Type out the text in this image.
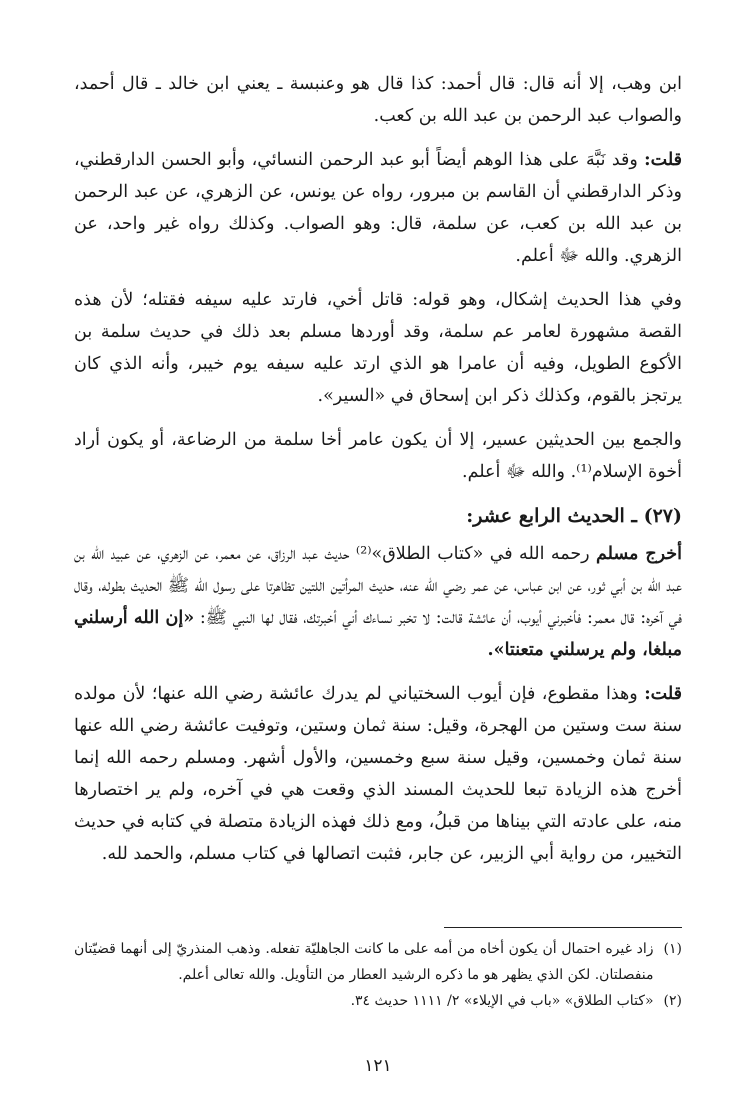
ابن وهب، إلا أنه قال: قال أحمد: كذا قال هو وعنبسة ـ يعني ابن خالد ـ قال أحمد، والصواب عبد الرحمن بن عبد الله بن كعب.

قلت: وقد نَبَّهَ على هذا الوهم أيضاً أبو عبد الرحمن النسائي، وأبو الحسن الدارقطني، وذكر الدارقطني أن القاسم بن مبرور، رواه عن يونس، عن الزهري، عن عبد الرحمن بن عبد الله بن كعب، عن سلمة، قال: وهو الصواب. وكذلك رواه غير واحد، عن الزهري. والله ﷻ أعلم.

وفي هذا الحديث إشكال، وهو قوله: قاتل أخي، فارتد عليه سيفه فقتله؛ لأن هذه القصة مشهورة لعامر عم سلمة، وقد أوردها مسلم بعد ذلك في حديث سلمة بن الأكوع الطويل، وفيه أن عامرا هو الذي ارتد عليه سيفه يوم خيبر، وأنه الذي كان يرتجز بالقوم، وكذلك ذكر ابن إسحاق في «السير».

والجمع بين الحديثين عسير، إلا أن يكون عامر أخا سلمة من الرضاعة، أو يكون أراد أخوة الإسلام⁽¹⁾. والله ﷻ أعلم.

(٢٧) ـ الحديث الرابع عشر:

أخرج مسلم رحمه الله في «كتاب الطلاق»⁽²⁾ حديث عبد الرزاق، عن معمر، عن الزهري، عن عبيد الله بن عبد الله بن أبي ثور، عن ابن عباس، عن عمر رضي الله عنه، حديث المرأتين اللتين تظاهرتا على رسول الله ﷺ الحديث بطوله، وقال في آخره: قال معمر: فأخبرني أيوب، أن عائشة قالت: لا تخبر نساءك أني أخبرتك، فقال لها النبي ﷺ: «إن الله أرسلني مبلغا، ولم يرسلني متعنتا».

قلت: وهذا مقطوع، فإن أيوب السختياني لم يدرك عائشة رضي الله عنها؛ لأن مولده سنة ست وستين من الهجرة، وقيل: سنة ثمان وستين، وتوفيت عائشة رضي الله عنها سنة ثمان وخمسين، وقيل سنة سبع وخمسين، والأول أشهر. ومسلم رحمه الله إنما أخرج هذه الزيادة تبعا للحديث المسند الذي وقعت هي في آخره، ولم ير اختصارها منه، على عادته التي بيناها من قبلُ، ومع ذلك فهذه الزيادة متصلة في كتابه في حديث التخيير، من رواية أبي الزبير، عن جابر، فثبت اتصالها في كتاب مسلم، والحمد لله.

(١)
زاد غيره احتمال أن يكون أخاه من أمه على ما كانت الجاهليّة تفعله. وذهب المنذريّ إلى أنهما قضيّتان منفصلتان. لكن الذي يظهر هو ما ذكره الرشيد العطار من التأويل. والله تعالى أعلم.
(٢)
«كتاب الطلاق» «باب في الإيلاء» ٢/ ١١١١ حديث ٣٤.
١٢١
